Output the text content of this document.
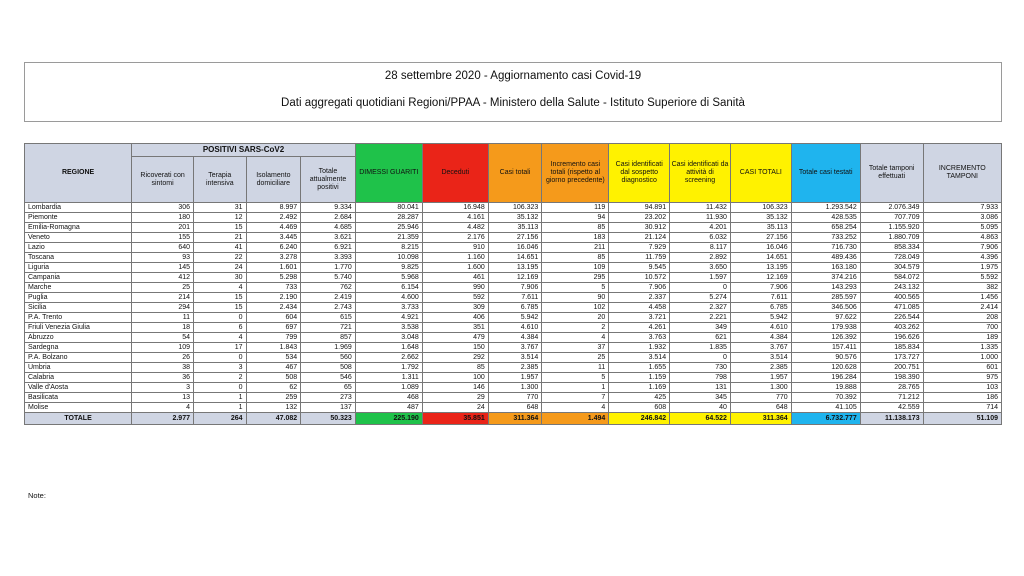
28 settembre 2020 - Aggiornamento casi Covid-19
Dati aggregati quotidiani Regioni/PPAA - Ministero della Salute - Istituto Superiore di Sanità
REGIONE	POSITIVI SARS-CoV2				DIMESSI GUARITI	Deceduti	Casi totali	Incremento casi totali (rispetto al giorno precedente)	Casi identificati dal sospetto diagnostico	Casi identificati da attività di screening	CASI TOTALI	Totale casi testati	Totale tamponi effettuati	INCREMENTO TAMPONI
	Ricoverati con sintomi	Terapia intensiva	Isolamento domiciliare	Totale attualmente positivi										
Lombardia	306	31	8.997	9.334	80.041	16.948	106.323	119	94.891	11.432	106.323	1.293.542	2.076.349	7.933
Piemonte	180	12	2.492	2.684	28.287	4.161	35.132	94	23.202	11.930	35.132	428.535	707.709	3.086
Emilia-Romagna	201	15	4.469	4.685	25.946	4.482	35.113	85	30.912	4.201	35.113	658.254	1.155.920	5.095
Veneto	155	21	3.445	3.621	21.359	2.176	27.156	183	21.124	6.032	27.156	733.252	1.880.709	4.863
Lazio	640	41	6.240	6.921	8.215	910	16.046	211	7.929	8.117	16.046	716.730	858.334	7.906
Toscana	93	22	3.278	3.393	10.098	1.160	14.651	85	11.759	2.892	14.651	489.436	728.049	4.396
Liguria	145	24	1.601	1.770	9.825	1.600	13.195	109	9.545	3.650	13.195	163.180	304.579	1.975
Campania	412	30	5.298	5.740	5.968	461	12.169	295	10.572	1.597	12.169	374.216	584.072	5.592
Marche	25	4	733	762	6.154	990	7.906	5	7.906	0	7.906	143.293	243.132	382
Puglia	214	15	2.190	2.419	4.600	592	7.611	90	2.337	5.274	7.611	285.597	400.565	1.456
Sicilia	294	15	2.434	2.743	3.733	309	6.785	102	4.458	2.327	6.785	346.506	471.085	2.414
P.A. Trento	11	0	604	615	4.921	406	5.942	20	3.721	2.221	5.942	97.622	226.544	208
Friuli Venezia Giulia	18	6	697	721	3.538	351	4.610	2	4.261	349	4.610	179.938	403.262	700
Abruzzo	54	4	799	857	3.048	479	4.384	4	3.763	621	4.384	126.392	196.626	189
Sardegna	109	17	1.843	1.969	1.648	150	3.767	37	1.932	1.835	3.767	157.411	185.834	1.335
P.A. Bolzano	26	0	534	560	2.662	292	3.514	25	3.514	0	3.514	90.576	173.727	1.000
Umbria	38	3	467	508	1.792	85	2.385	11	1.655	730	2.385	120.628	200.751	601
Calabria	36	2	508	546	1.311	100	1.957	5	1.159	798	1.957	196.284	198.390	975
Valle d'Aosta	3	0	62	65	1.089	146	1.300	1	1.169	131	1.300	19.888	28.765	103
Basilicata	13	1	259	273	468	29	770	7	425	345	770	70.392	71.212	186
Molise	4	1	132	137	487	24	648	4	608	40	648	41.105	42.559	714
TOTALE	2.977	264	47.082	50.323	225.190	35.851	311.364	1.494	246.842	64.522	311.364	6.732.777	11.138.173	51.109
Note:
